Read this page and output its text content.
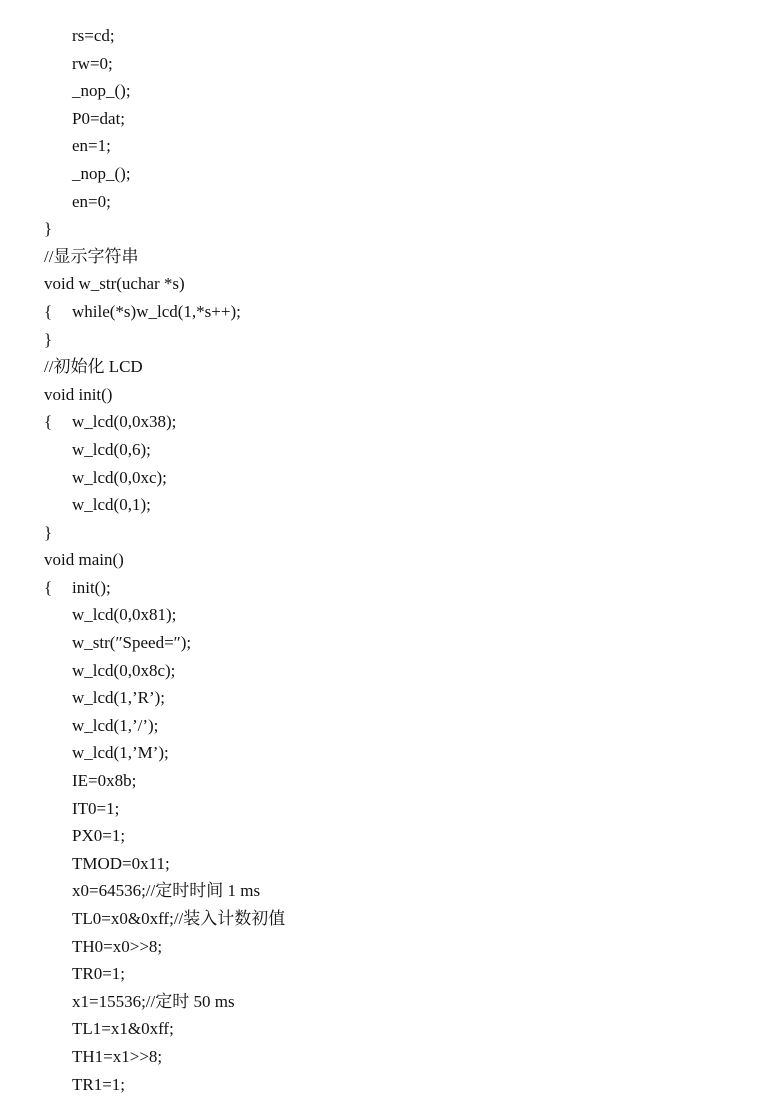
rs=cd;
rw=0;
_nop_();
P0=dat;
en=1;
_nop_();
en=0;
}
//显示字符串
void w_str(uchar *s)
{ while(*s)w_lcd(1,*s++);
}
//初始化 LCD
void init()
{ w_lcd(0,0x38);
w_lcd(0,6);
w_lcd(0,0xc);
w_lcd(0,1);
}
void main()
{ init();
w_lcd(0,0x81);
w_str(″Speed=″);
w_lcd(0,0x8c);
w_lcd(1,’R’);
w_lcd(1,’/’);
w_lcd(1,’M’);
IE=0x8b;
IT0=1;
PX0=1;
TMOD=0x11;
x0=64536;//定时时间 1 ms
TL0=x0&0xff;//装入计数初值
TH0=x0>>8;
TR0=1;
x1=15536;//定时 50 ms
TL1=x1&0xff;
TH1=x1>>8;
TR1=1;
